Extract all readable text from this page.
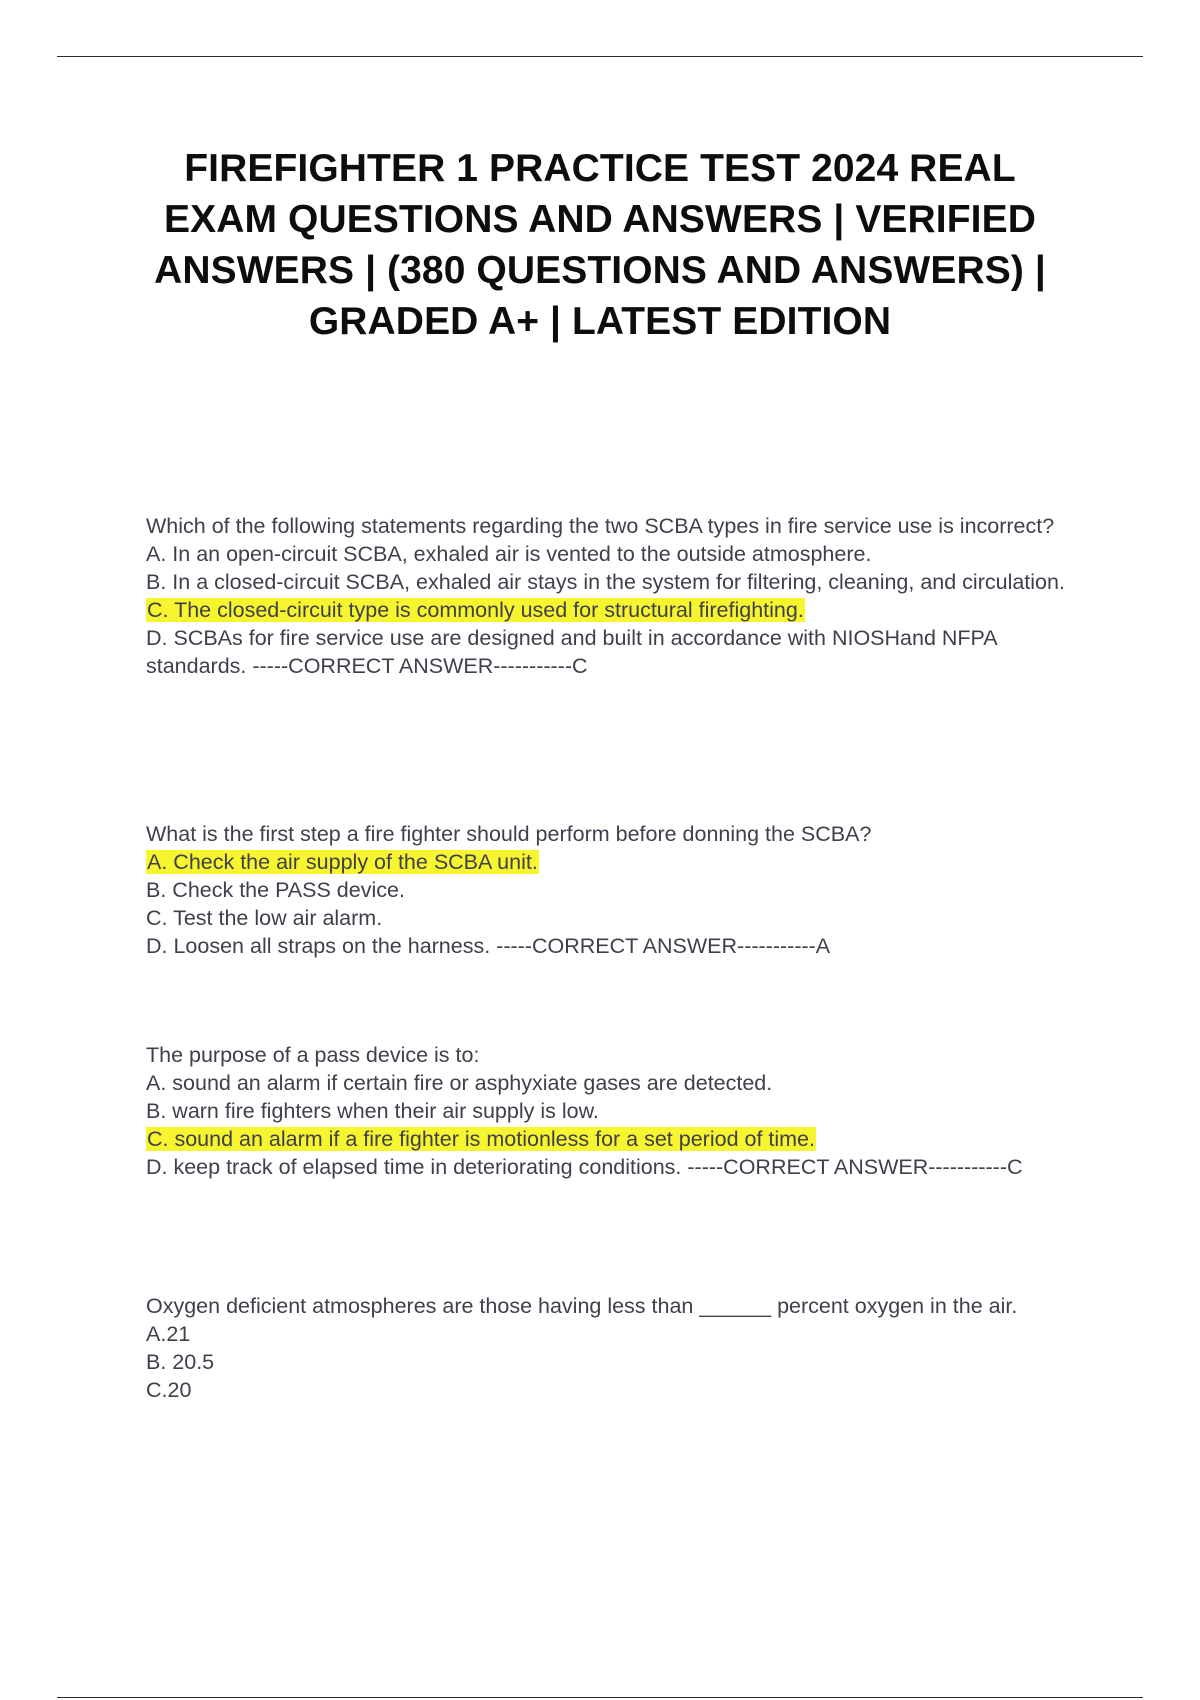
FIREFIGHTER 1 PRACTICE TEST 2024 REAL EXAM QUESTIONS AND ANSWERS | VERIFIED ANSWERS | (380 QUESTIONS AND ANSWERS) | GRADED A+ | LATEST EDITION
Which of the following statements regarding the two SCBA types in fire service use is incorrect?
A. In an open-circuit SCBA, exhaled air is vented to the outside atmosphere.
B. In a closed-circuit SCBA, exhaled air stays in the system for filtering, cleaning, and circulation.
C. The closed-circuit type is commonly used for structural firefighting.
D. SCBAs for fire service use are designed and built in accordance with NIOSHand NFPA standards. -----CORRECT ANSWER-----------C
What is the first step a fire fighter should perform before donning the SCBA?
A. Check the air supply of the SCBA unit.
B. Check the PASS device.
C. Test the low air alarm.
D. Loosen all straps on the harness. -----CORRECT ANSWER-----------A
The purpose of a pass device is to:
A. sound an alarm if certain fire or asphyxiate gases are detected.
B. warn fire fighters when their air supply is low.
C. sound an alarm if a fire fighter is motionless for a set period of time.
D. keep track of elapsed time in deteriorating conditions. -----CORRECT ANSWER-----------C
Oxygen deficient atmospheres are those having less than ______ percent oxygen in the air.
A.21
B. 20.5
C.20
